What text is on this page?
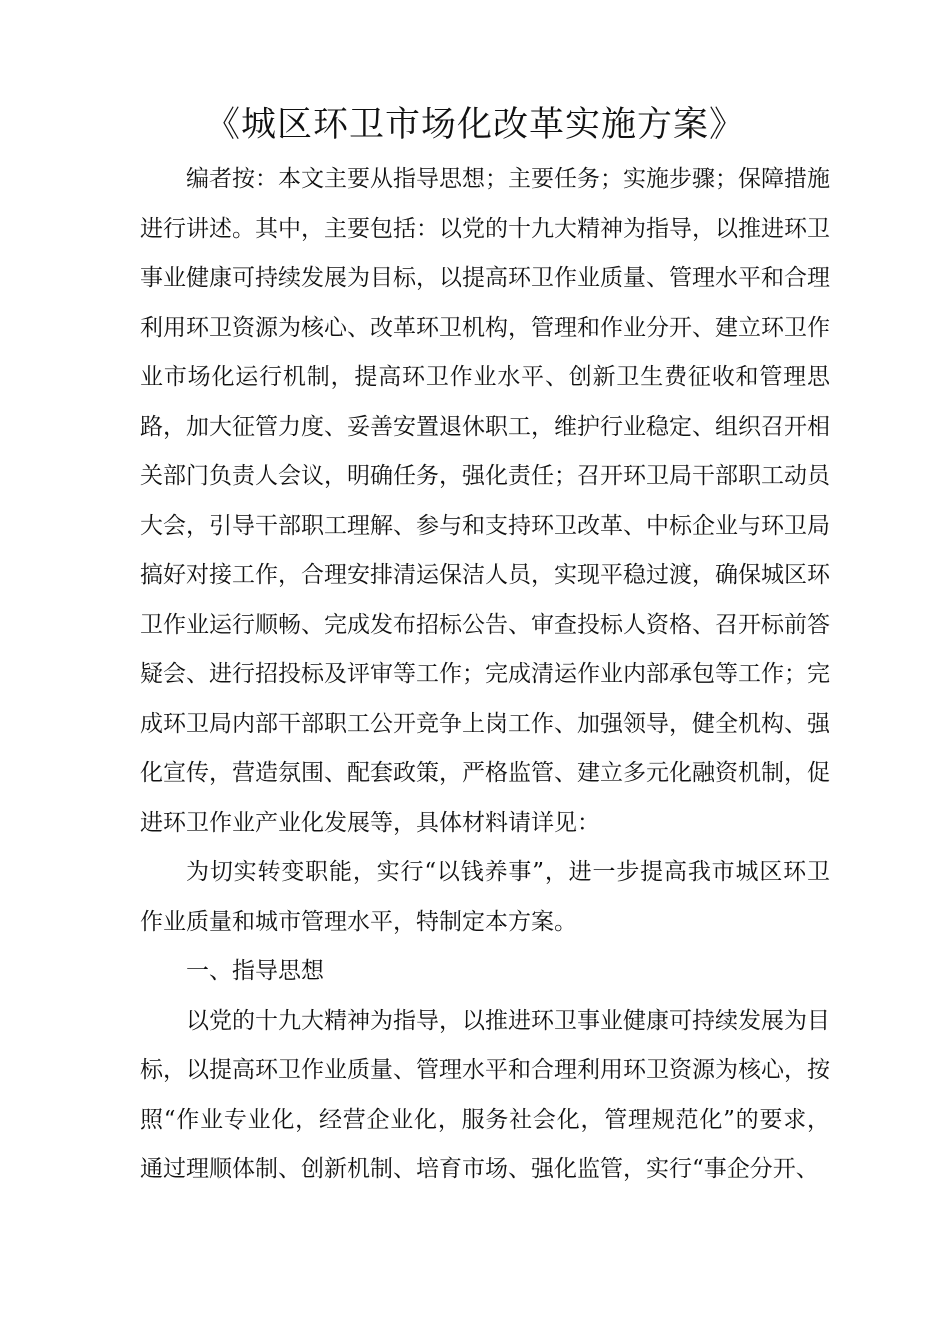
《城区环卫市场化改革实施方案》

编者按：本文主要从指导思想；主要任务；实施步骤；保障措施进行讲述。其中，主要包括：以党的十九大精神为指导，以推进环卫事业健康可持续发展为目标，以提高环卫作业质量、管理水平和合理利用环卫资源为核心、改革环卫机构，管理和作业分开、建立环卫作业市场化运行机制，提高环卫作业水平、创新卫生费征收和管理思路，加大征管力度、妥善安置退休职工，维护行业稳定、组织召开相关部门负责人会议，明确任务，强化责任；召开环卫局干部职工动员大会，引导干部职工理解、参与和支持环卫改革、中标企业与环卫局搞好对接工作，合理安排清运保洁人员，实现平稳过渡，确保城区环卫作业运行顺畅、完成发布招标公告、审查投标人资格、召开标前答疑会、进行招投标及评审等工作；完成清运作业内部承包等工作；完成环卫局内部干部职工公开竞争上岗工作、加强领导，健全机构、强化宣传，营造氛围、配套政策，严格监管、建立多元化融资机制，促进环卫作业产业化发展等，具体材料请详见：

为切实转变职能，实行“以钱养事”，进一步提高我市城区环卫作业质量和城市管理水平，特制定本方案。

一、指导思想

以党的十九大精神为指导，以推进环卫事业健康可持续发展为目标，以提高环卫作业质量、管理水平和合理利用环卫资源为核心，按照“作业专业化，经营企业化，服务社会化，管理规范化”的要求，通过理顺体制、创新机制、培育市场、强化监管，实行“事企分开、
